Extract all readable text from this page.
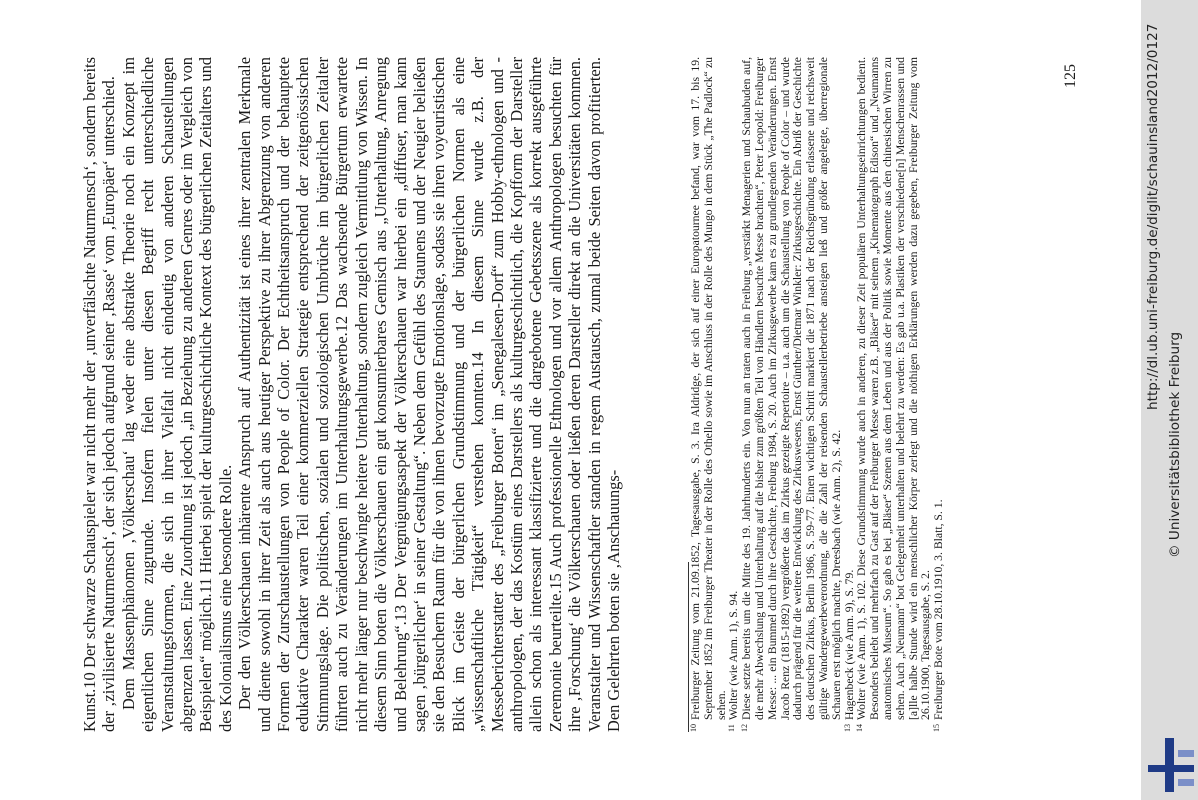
Kunst.10 Der schwarze Schauspieler war nicht mehr der ‚unverfälschte Naturmensch‘, sondern bereits der ‚zivilisierte Naturmensch‘, der sich jedoch aufgrund seiner ‚Rasse‘ vom ‚Europäer‘ unterschied. Dem Massenphänomen ‚Völkerschau‘ lag weder eine abstrakte Theorie noch ein Konzept im eigentlichen Sinne zugrunde. Insofern fielen unter diesen Begriff recht unterschiedliche Veranstaltungsformen, die sich in ihrer Vielfalt nicht eindeutig von anderen Schaustellungen abgrenzen lassen. Eine Zuordnung ist jedoch „in Beziehung zu anderen Genres oder im Vergleich von Beispielen“ möglich.11 Hierbei spielt der kulturgeschichtliche Kontext des bürgerlichen Zeitalters und des Kolonialismus eine besondere Rolle. Der den Völkerschauen inhärente Anspruch auf Authentizität ist eines ihrer zentralen Merkmale und diente sowohl in ihrer Zeit als auch aus heutiger Perspektive zu ihrer Abgrenzung von anderen Formen der Zurschaustellungen von People of Color. Der Echtheitsanspruch und der behauptete edukative Charakter waren Teil einer kommerziellen Strategie entsprechend der zeitgenössischen Stimmungslage. Die politischen, sozialen und soziologischen Umbrüche im bürgerlichen Zeitalter führten auch zu Veränderungen im Unterhaltungsgewerbe.12 Das wachsende Bürgertum erwartete nicht mehr länger nur beschwingte heitere Unterhaltung, sondern zugleich Vermittlung von Wissen. In diesem Sinn boten die Völkerschauen ein gut konsumierbares Gemisch aus „Unterhaltung, Anregung und Belehrung“.13 Der Vergnügungsaspekt der Völkerschauen war hierbei ein „diffuser, man kann sagen ‚bürgerlicher‘ in seiner Gestaltung“. Neben dem Gefühl des Staunens und der Neugier beließen sie den Besuchern Raum für die von ihnen bevorzugte Emotionslage, sodass sie ihren voyeuristischen Blick im Geiste der bürgerlichen Grundstimmung und der bürgerlichen Normen als eine „wissenschaftliche Tätigkeit“ verstehen konnten.14 In diesem Sinne wurde z.B. der Messeberichterstatter des „Freiburger Boten“ im „Senegalesen-Dorf“ zum Hobby-ethnologen und -anthropologen, der das Kostüm eines Darstellers als kulturgeschichtlich, die Kopfform der Darsteller allein schon als interessant klassifizierte und die dargebotene Gebetsszene als korrekt ausgeführte Zeremonie beurteilte.15 Auch professionelle Ethnologen und vor allem Anthropologen besuchten für ihre ‚Forschung‘ die Völkerschauen oder ließen deren Darsteller direkt an die Universitäten kommen. Veranstalter und Wissenschaftler standen in regem Austausch, zumal beide Seiten davon profitierten. Den Gelehrten boten sie ‚Anschauungs-	10
Freiburger Zeitung vom 21.09.1852, Tagesausgabe, S. 3. Ira Aldridge, der sich auf einer Europatournee befand, war vom 17. bis 19. September 1852 im Freiburger Theater in der Rolle des Othello sowie im Anschluss in der Rolle des Mungo in dem Stück „The Padlock“ zu sehen.

11
Wolter (wie Anm. 1), S. 94.

12
Diese setzte bereits um die Mitte des 19. Jahrhunderts ein. Von nun an traten auch in Freiburg „verstärkt Menagerien und Schaubuden auf, die mehr Abwechslung und Unterhaltung auf die bisher zum größten Teil von Händlern besuchte Messe brachten“, Peter Leopold: Freiburger Messe: ... ein Bummel durch ihre Geschichte, Freiburg 1984, S. 20. Auch im Zirkusgewerbe kam es zu grundlegenden Veränderungen. Ernst Jacob Renz (1815-1892) vergrößerte das im Zirkus gezeigte Repertoire – u.a. auch um die Schaustellung von People of Color – und wurde dadurch prägend für die weitere Entwicklung des Zirkuswesens, Ernst Günther/Dietmar Winkler: Zirkusgeschichte. Ein Abriß der Geschichte des deutschen Zirkus, Berlin 1986, S. 59-77. Einen wichtigen Schritt markiert die 1871 nach der Reichsgründung erlassene und reichsweit gültige Wandergewerbeverordnung, die die Zahl der reisenden Schaustellerbetriebe ansteigen ließ und größer angelegte, überregionale Schauen erst möglich machte, Dreesbach (wie Anm. 2), S. 42.

13
Hagenbeck (wie Anm. 9), S. 79.

14
Wolter (wie Anm. 1), S. 102. Diese Grundstimmung wurde auch in anderen, zu dieser Zeit populären Unterhaltungseinrichtungen bedient. Besonders beliebt und mehrfach zu Gast auf der Freiburger Messe waren z.B. „Bläser“ mit seinem „Kinematograph Edison“ und „Neumanns anatomisches Museum“. So gab es bei „Bläser“ Szenen aus dem Leben und aus der Politik sowie Momente aus den chinesischen Wirren zu sehen. Auch „Neumann“ bot Gelegenheit unterhalten und belehrt zu werden: Es gab u.a. Plastiken der verschiedene[n] Menschenrassen und [a]lle halbe Stunde wird ein menschlicher Körper zerlegt und die nöthigen Erklärungen werden dazu gegeben, Freiburger Zeitung vom 26.10.1900, Tagesausgabe, S. 2.

15
Freiburger Bote vom 28.10.1910, 3. Blatt, S. 1.

125	http://dl.ub.uni-freiburg.de/diglit/schauinsland2012/0127
© Universitätsbibliothek Freiburg
